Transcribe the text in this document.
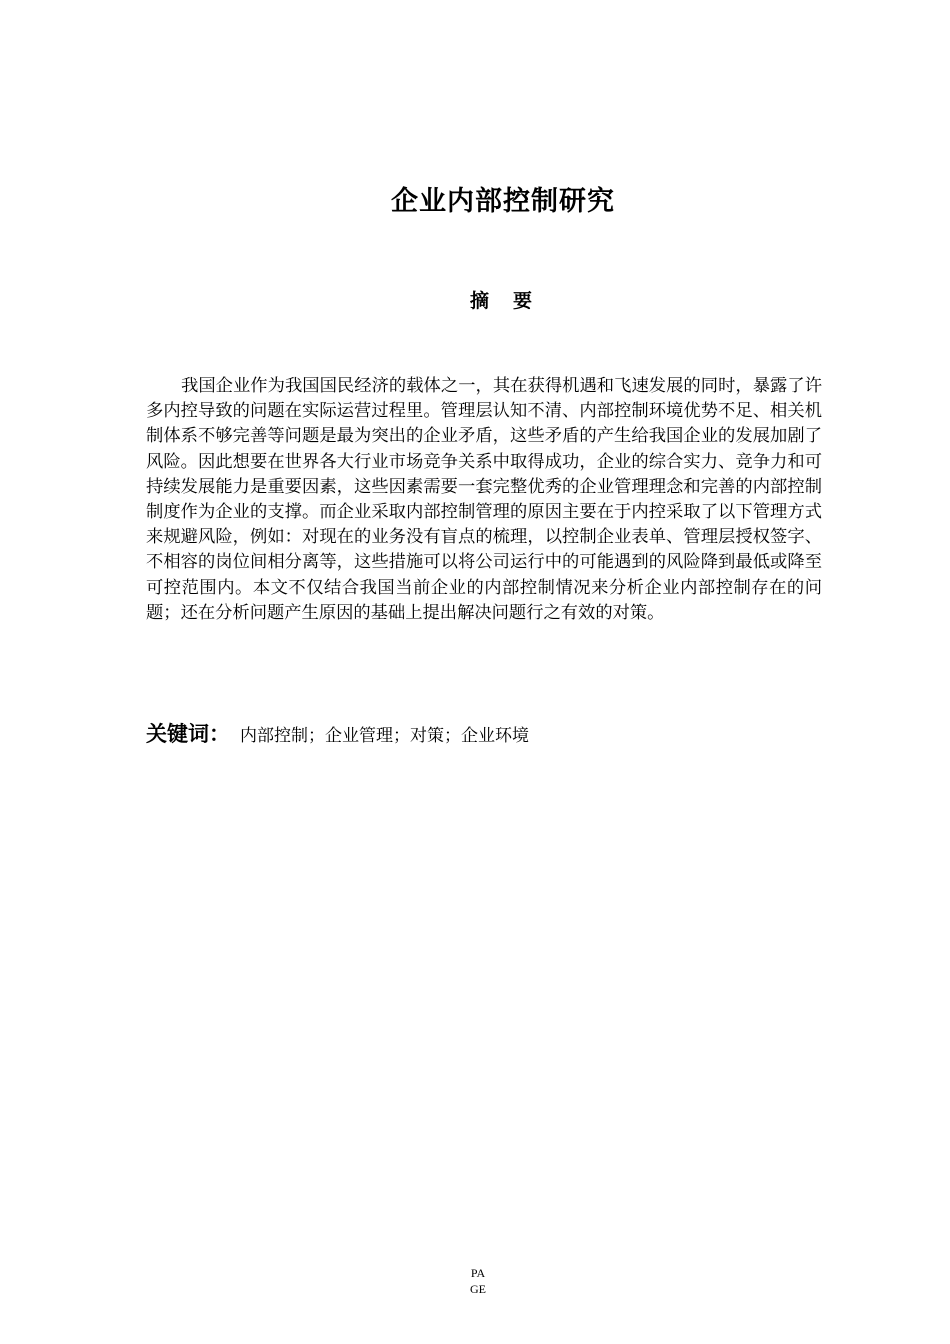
企业内部控制研究
摘 要

我国企业作为我国国民经济的载体之一，其在获得机遇和飞速发展的同时，暴露了许多内控导致的问题在实际运营过程里。管理层认知不清、内部控制环境优势不足、相关机制体系不够完善等问题是最为突出的企业矛盾，这些矛盾的产生给我国企业的发展加剧了风险。因此想要在世界各大行业市场竞争关系中取得成功，企业的综合实力、竞争力和可持续发展能力是重要因素，这些因素需要一套完整优秀的企业管理理念和完善的内部控制制度作为企业的支撑。而企业采取内部控制管理的原因主要在于内控采取了以下管理方式来规避风险，例如：对现在的业务没有盲点的梳理，以控制企业表单、管理层授权签字、不相容的岗位间相分离等，这些措施可以将公司运行中的可能遇到的风险降到最低或降至可控范围内。本文不仅结合我国当前企业的内部控制情况来分析企业内部控制存在的问题；还在分析问题产生原因的基础上提出解决问题行之有效的对策。

关键词： 内部控制；企业管理；对策；企业环境
PAGE
